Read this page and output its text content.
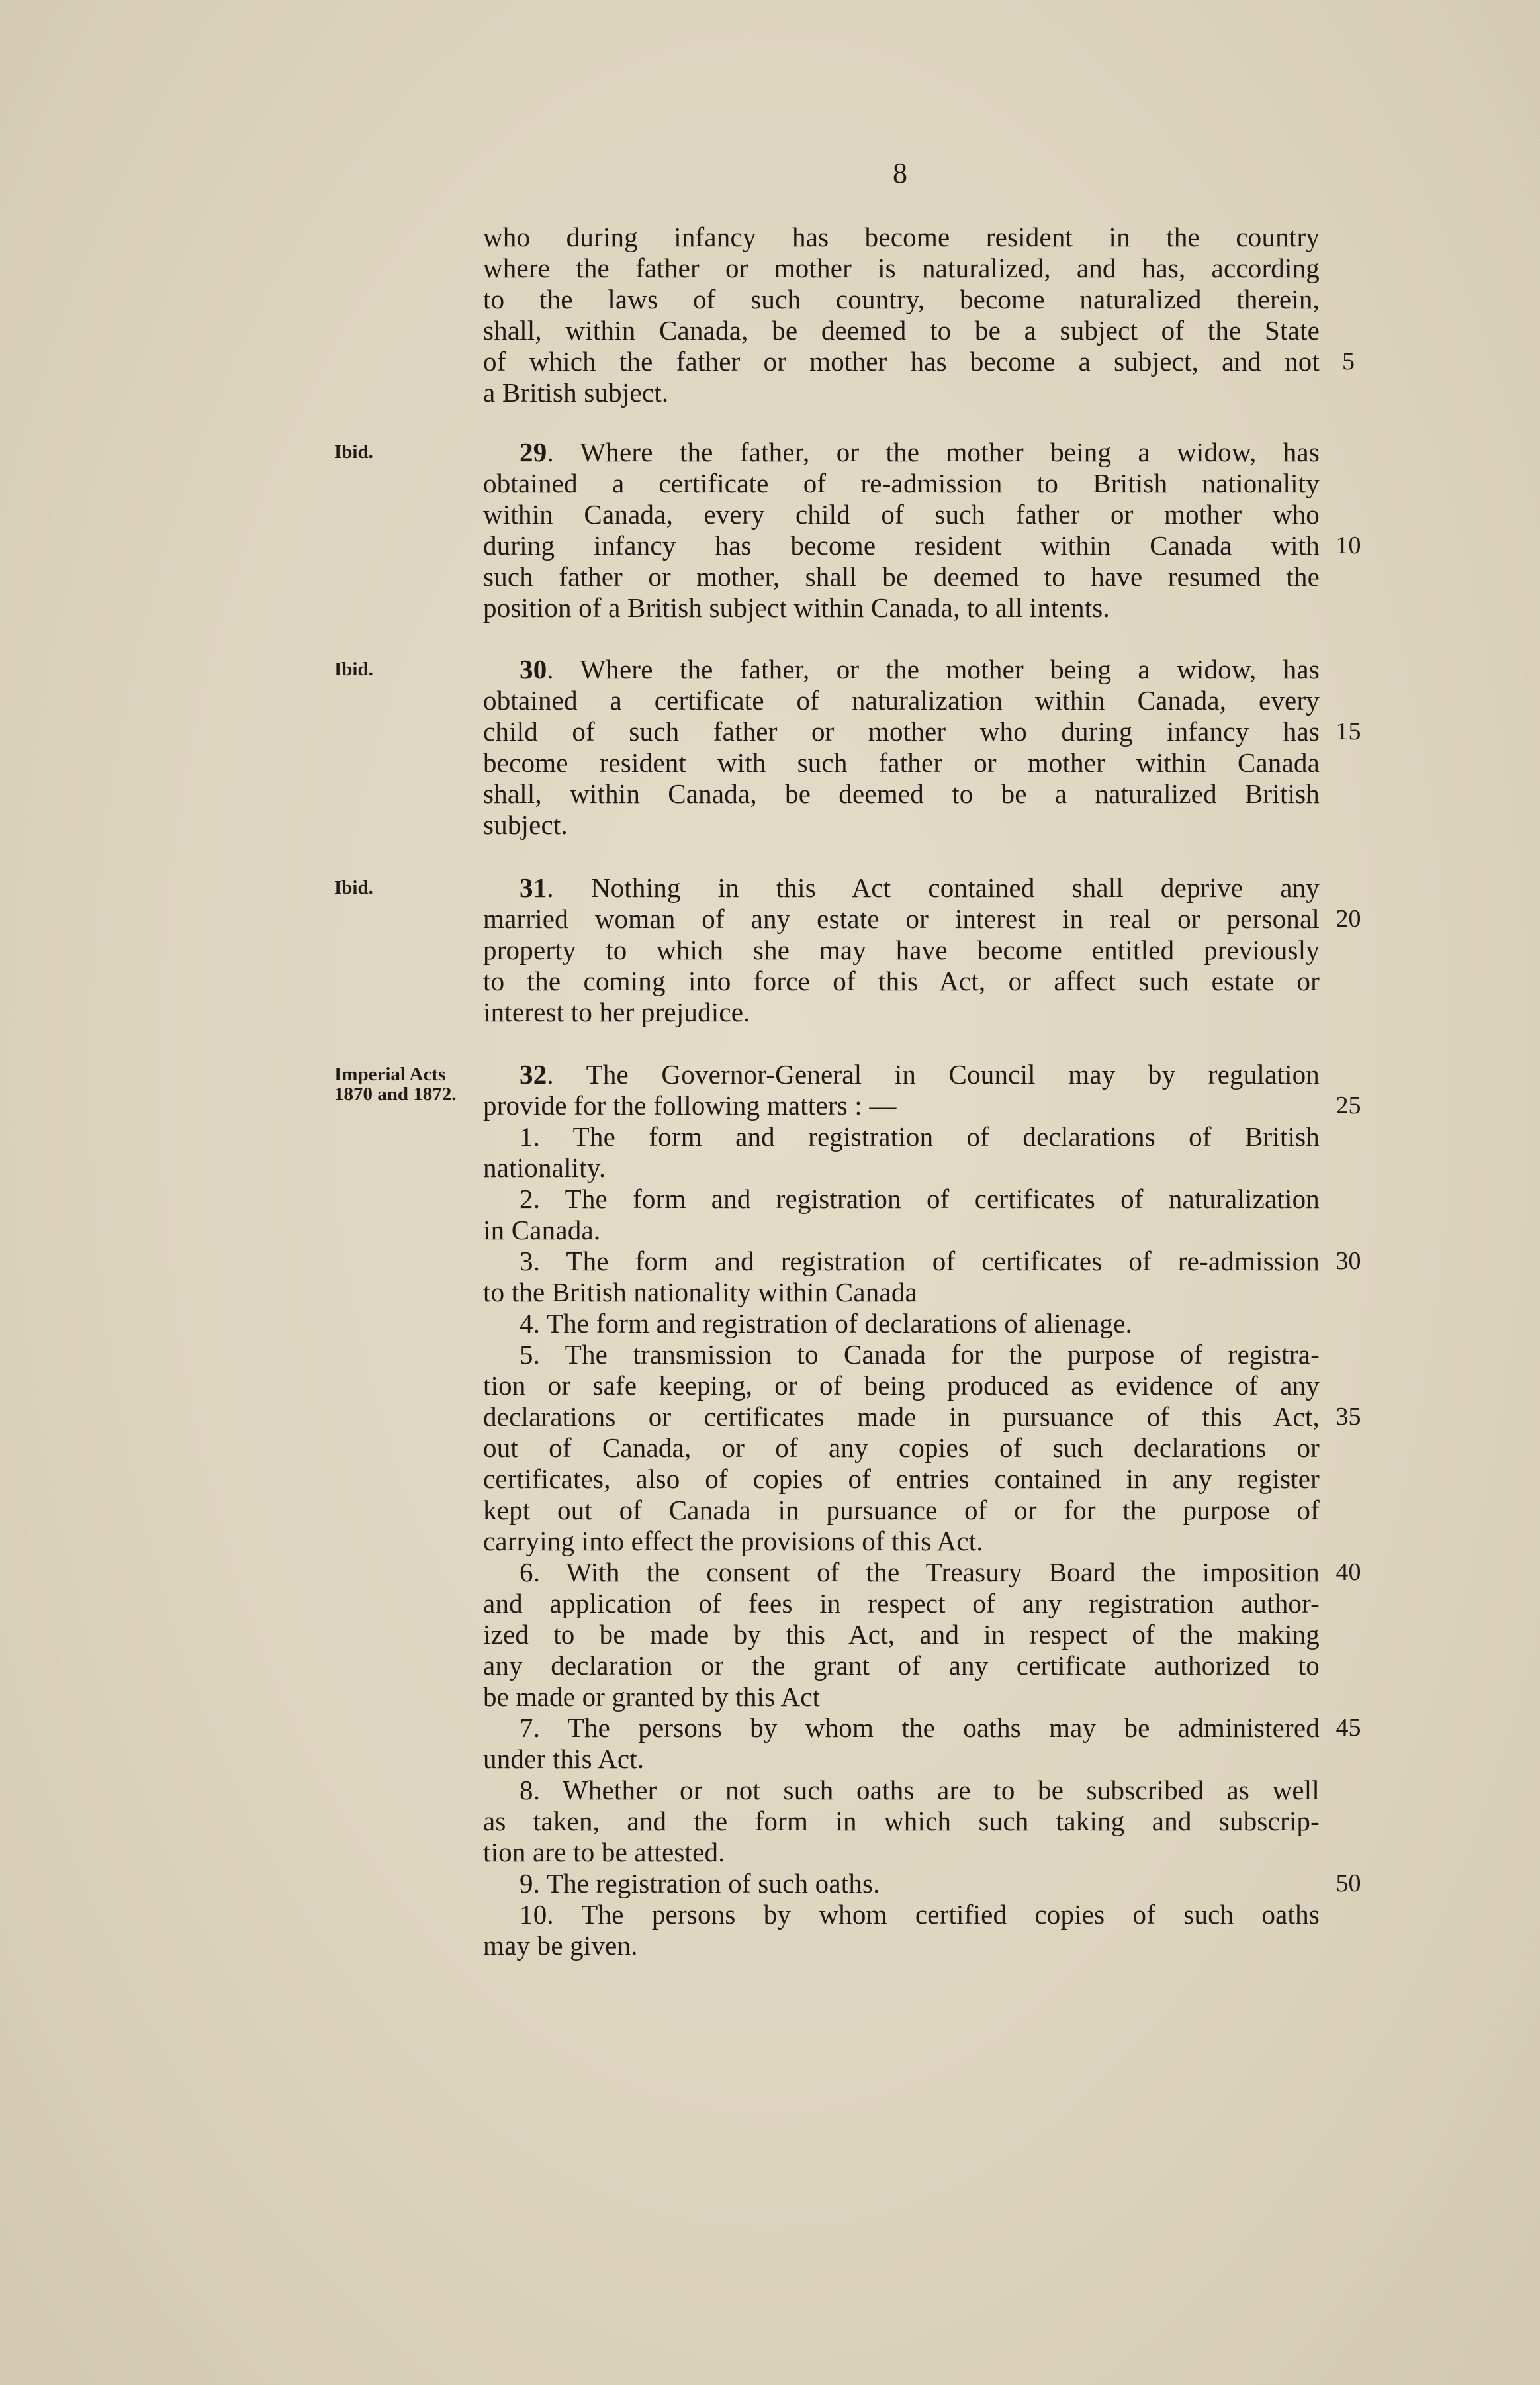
8
5
who during infancy has become resident in the country
where the father or mother is naturalized, and has, according
to the laws of such country, become naturalized therein,
shall, within Canada, be deemed to be a subject of the State
of which the father or mother has become a subject, and not
a British subject.
Ibid.
10
29. Where the father, or the mother being a widow, has
obtained a certificate of re-admission to British nationality
within Canada, every child of such father or mother who
during infancy has become resident within Canada with
such father or mother, shall be deemed to have resumed the
position of a British subject within Canada, to all intents.
Ibid.
15
30. Where the father, or the mother being a widow, has
obtained a certificate of naturalization within Canada, every
child of such father or mother who during infancy has
become resident with such father or mother within Canada
shall, within Canada, be deemed to be a naturalized British
subject.
Ibid.
20
31. Nothing in this Act contained shall deprive any
married woman of any estate or interest in real or personal
property to which she may have become entitled previously
to the coming into force of this Act, or affect such estate or
interest to her prejudice.
Imperial Acts
1870 and 1872.	25
30
35
40
45
50
32. The Governor-General in Council may by regulation
provide for the following matters : —
1. The form and registration of declarations of British
nationality.
2. The form and registration of certificates of naturalization
in Canada.
3. The form and registration of certificates of re-admission
to the British nationality within Canada
4. The form and registration of declarations of alienage.
5. The transmission to Canada for the purpose of registra-
tion or safe keeping, or of being produced as evidence of any
declarations or certificates made in pursuance of this Act,
out of Canada, or of any copies of such declarations or
certificates, also of copies of entries contained in any register
kept out of Canada in pursuance of or for the purpose of
carrying into effect the provisions of this Act.
6. With the consent of the Treasury Board the imposition
and application of fees in respect of any registration author-
ized to be made by this Act, and in respect of the making
any declaration or the grant of any certificate authorized to
be made or granted by this Act
7. The persons by whom the oaths may be administered
under this Act.
8. Whether or not such oaths are to be subscribed as well
as taken, and the form in which such taking and subscrip-
tion are to be attested.
9. The registration of such oaths.
10. The persons by whom certified copies of such oaths
may be given.
